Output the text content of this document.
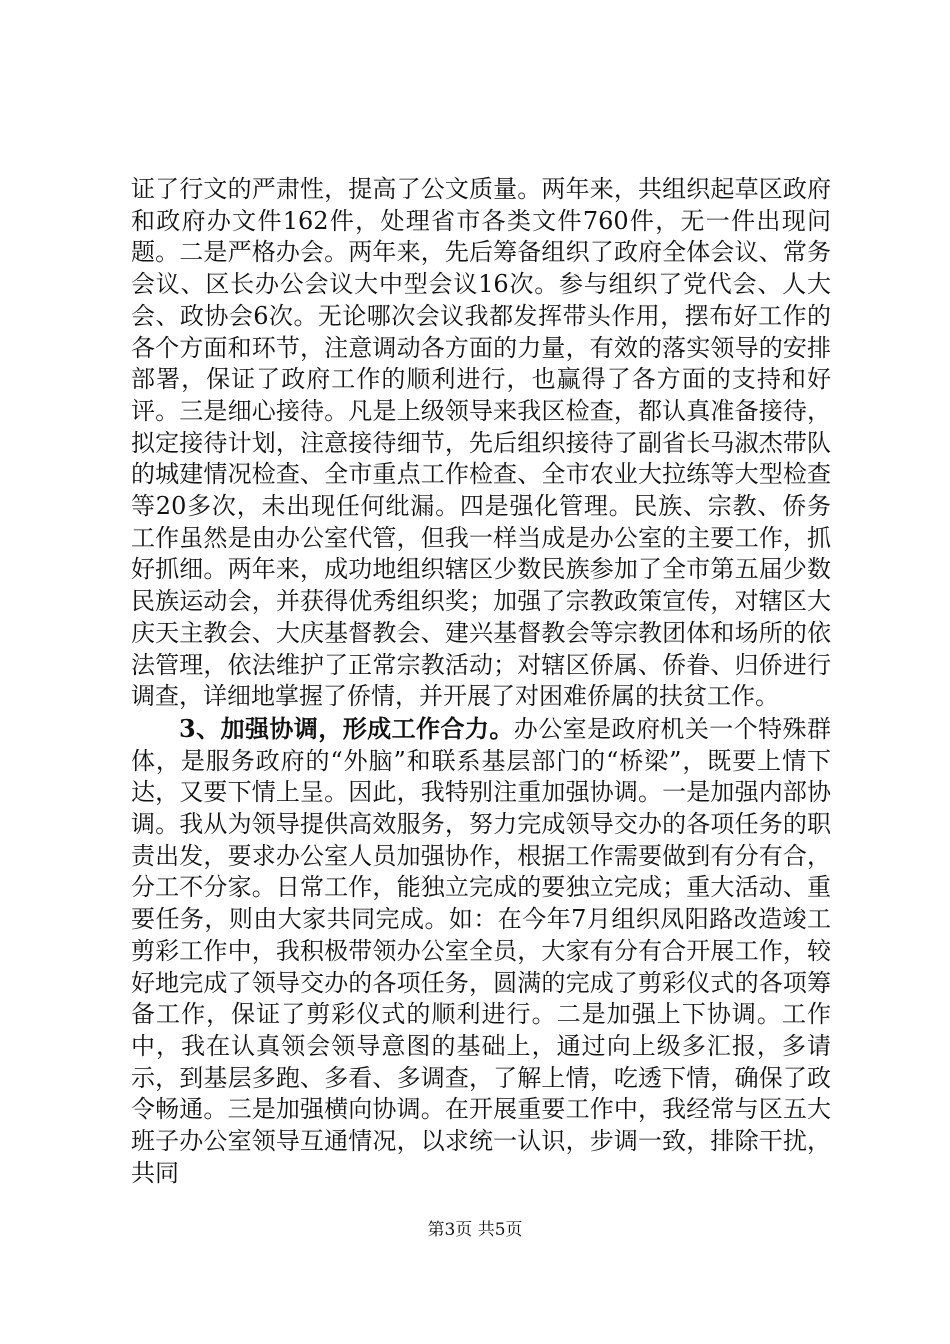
证了行文的严肃性，提高了公文质量。两年来，共组织起草区政府和政府办文件162件，处理省市各类文件760件，无一件出现问题。二是严格办会。两年来，先后筹备组织了政府全体会议、常务会议、区长办公会议大中型会议16次。参与组织了党代会、人大会、政协会6次。无论哪次会议我都发挥带头作用，摆布好工作的各个方面和环节，注意调动各方面的力量，有效的落实领导的安排部署，保证了政府工作的顺利进行，也赢得了各方面的支持和好评。三是细心接待。凡是上级领导来我区检查，都认真准备接待，拟定接待计划，注意接待细节，先后组织接待了副省长马淑杰带队的城建情况检查、全市重点工作检查、全市农业大拉练等大型检查等20多次，未出现任何纰漏。四是强化管理。民族、宗教、侨务工作虽然是由办公室代管，但我一样当成是办公室的主要工作，抓好抓细。两年来，成功地组织辖区少数民族参加了全市第五届少数民族运动会，并获得优秀组织奖；加强了宗教政策宣传，对辖区大庆天主教会、大庆基督教会、建兴基督教会等宗教团体和场所的依法管理，依法维护了正常宗教活动；对辖区侨属、侨眷、归侨进行调查，详细地掌握了侨情，并开展了对困难侨属的扶贫工作。

3、加强协调，形成工作合力。办公室是政府机关一个特殊群体，是服务政府的“外脑”和联系基层部门的“桥梁”，既要上情下达，又要下情上呈。因此，我特别注重加强协调。一是加强内部协调。我从为领导提供高效服务，努力完成领导交办的各项任务的职责出发，要求办公室人员加强协作，根据工作需要做到有分有合，分工不分家。日常工作，能独立完成的要独立完成；重大活动、重要任务，则由大家共同完成。如：在今年7月组织凤阳路改造竣工剪彩工作中，我积极带领办公室全员，大家有分有合开展工作，较好地完成了领导交办的各项任务，圆满的完成了剪彩仪式的各项筹备工作，保证了剪彩仪式的顺利进行。二是加强上下协调。工作中，我在认真领会领导意图的基础上，通过向上级多汇报，多请示，到基层多跑、多看、多调查，了解上情，吃透下情，确保了政令畅通。三是加强横向协调。在开展重要工作中，我经常与区五大班子办公室领导互通情况，以求统一认识，步调一致，排除干扰，共同

第3页 共5页
